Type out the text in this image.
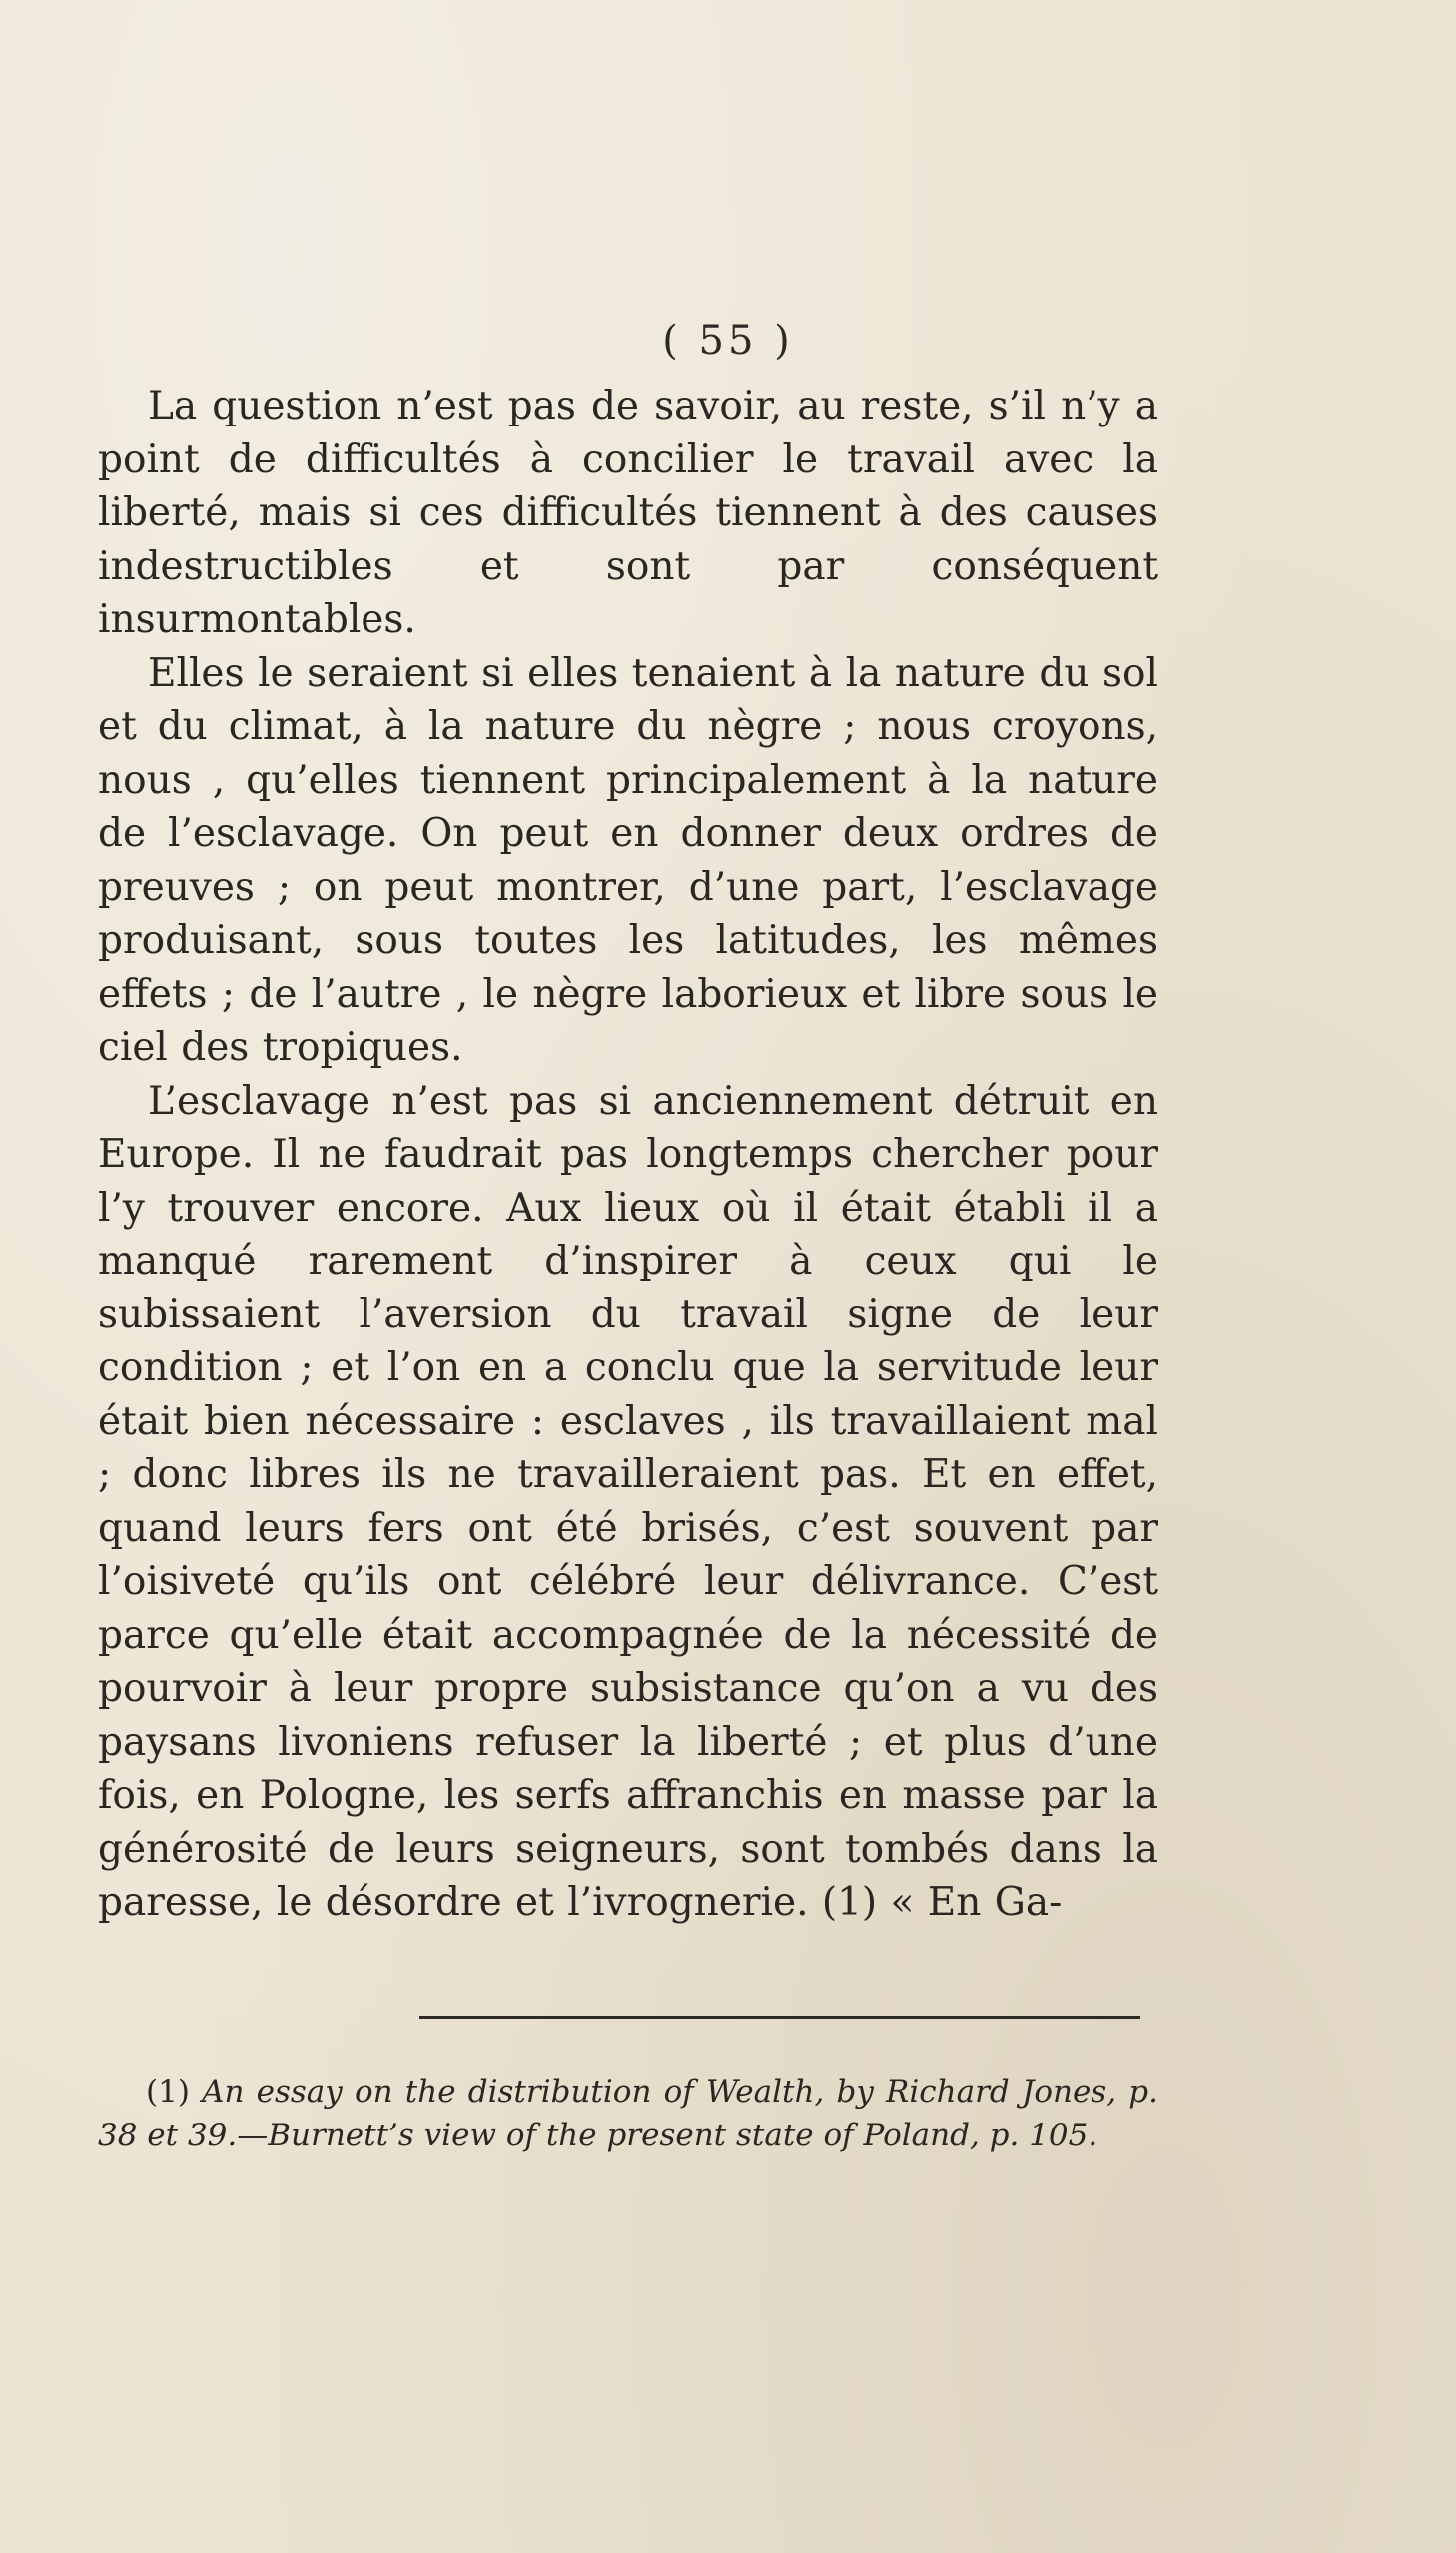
( 55 )

La question n’est pas de savoir, au reste, s’il n’y a point de difficultés à concilier le travail avec la liberté, mais si ces difficultés tiennent à des causes indestructibles et sont par conséquent insurmontables.

Elles le seraient si elles tenaient à la nature du sol et du climat, à la nature du nègre ; nous croyons, nous , qu’elles tiennent principalement à la nature de l’esclavage. On peut en donner deux ordres de preuves ; on peut montrer, d’une part, l’esclavage produisant, sous toutes les latitudes, les mêmes effets ; de l’autre , le nègre laborieux et libre sous le ciel des tropiques.

L’esclavage n’est pas si anciennement détruit en Europe. Il ne faudrait pas longtemps chercher pour l’y trouver encore. Aux lieux où il était établi il a manqué rarement d’inspirer à ceux qui le subissaient l’aversion du travail signe de leur condition ; et l’on en a conclu que la servitude leur était bien nécessaire : esclaves , ils travaillaient mal ; donc libres ils ne travailleraient pas. Et en effet, quand leurs fers ont été brisés, c’est souvent par l’oisiveté qu’ils ont célébré leur délivrance. C’est parce qu’elle était accompagnée de la nécessité de pourvoir à leur propre subsistance qu’on a vu des paysans livoniens refuser la liberté ; et plus d’une fois, en Pologne, les serfs affranchis en masse par la générosité de leurs seigneurs, sont tombés dans la paresse, le désordre et l’ivrognerie. (1) « En Ga-

(1) An essay on the distribution of Wealth, by Richard Jones, p. 38 et 39.—Burnett’s view of the present state of Poland, p. 105.
